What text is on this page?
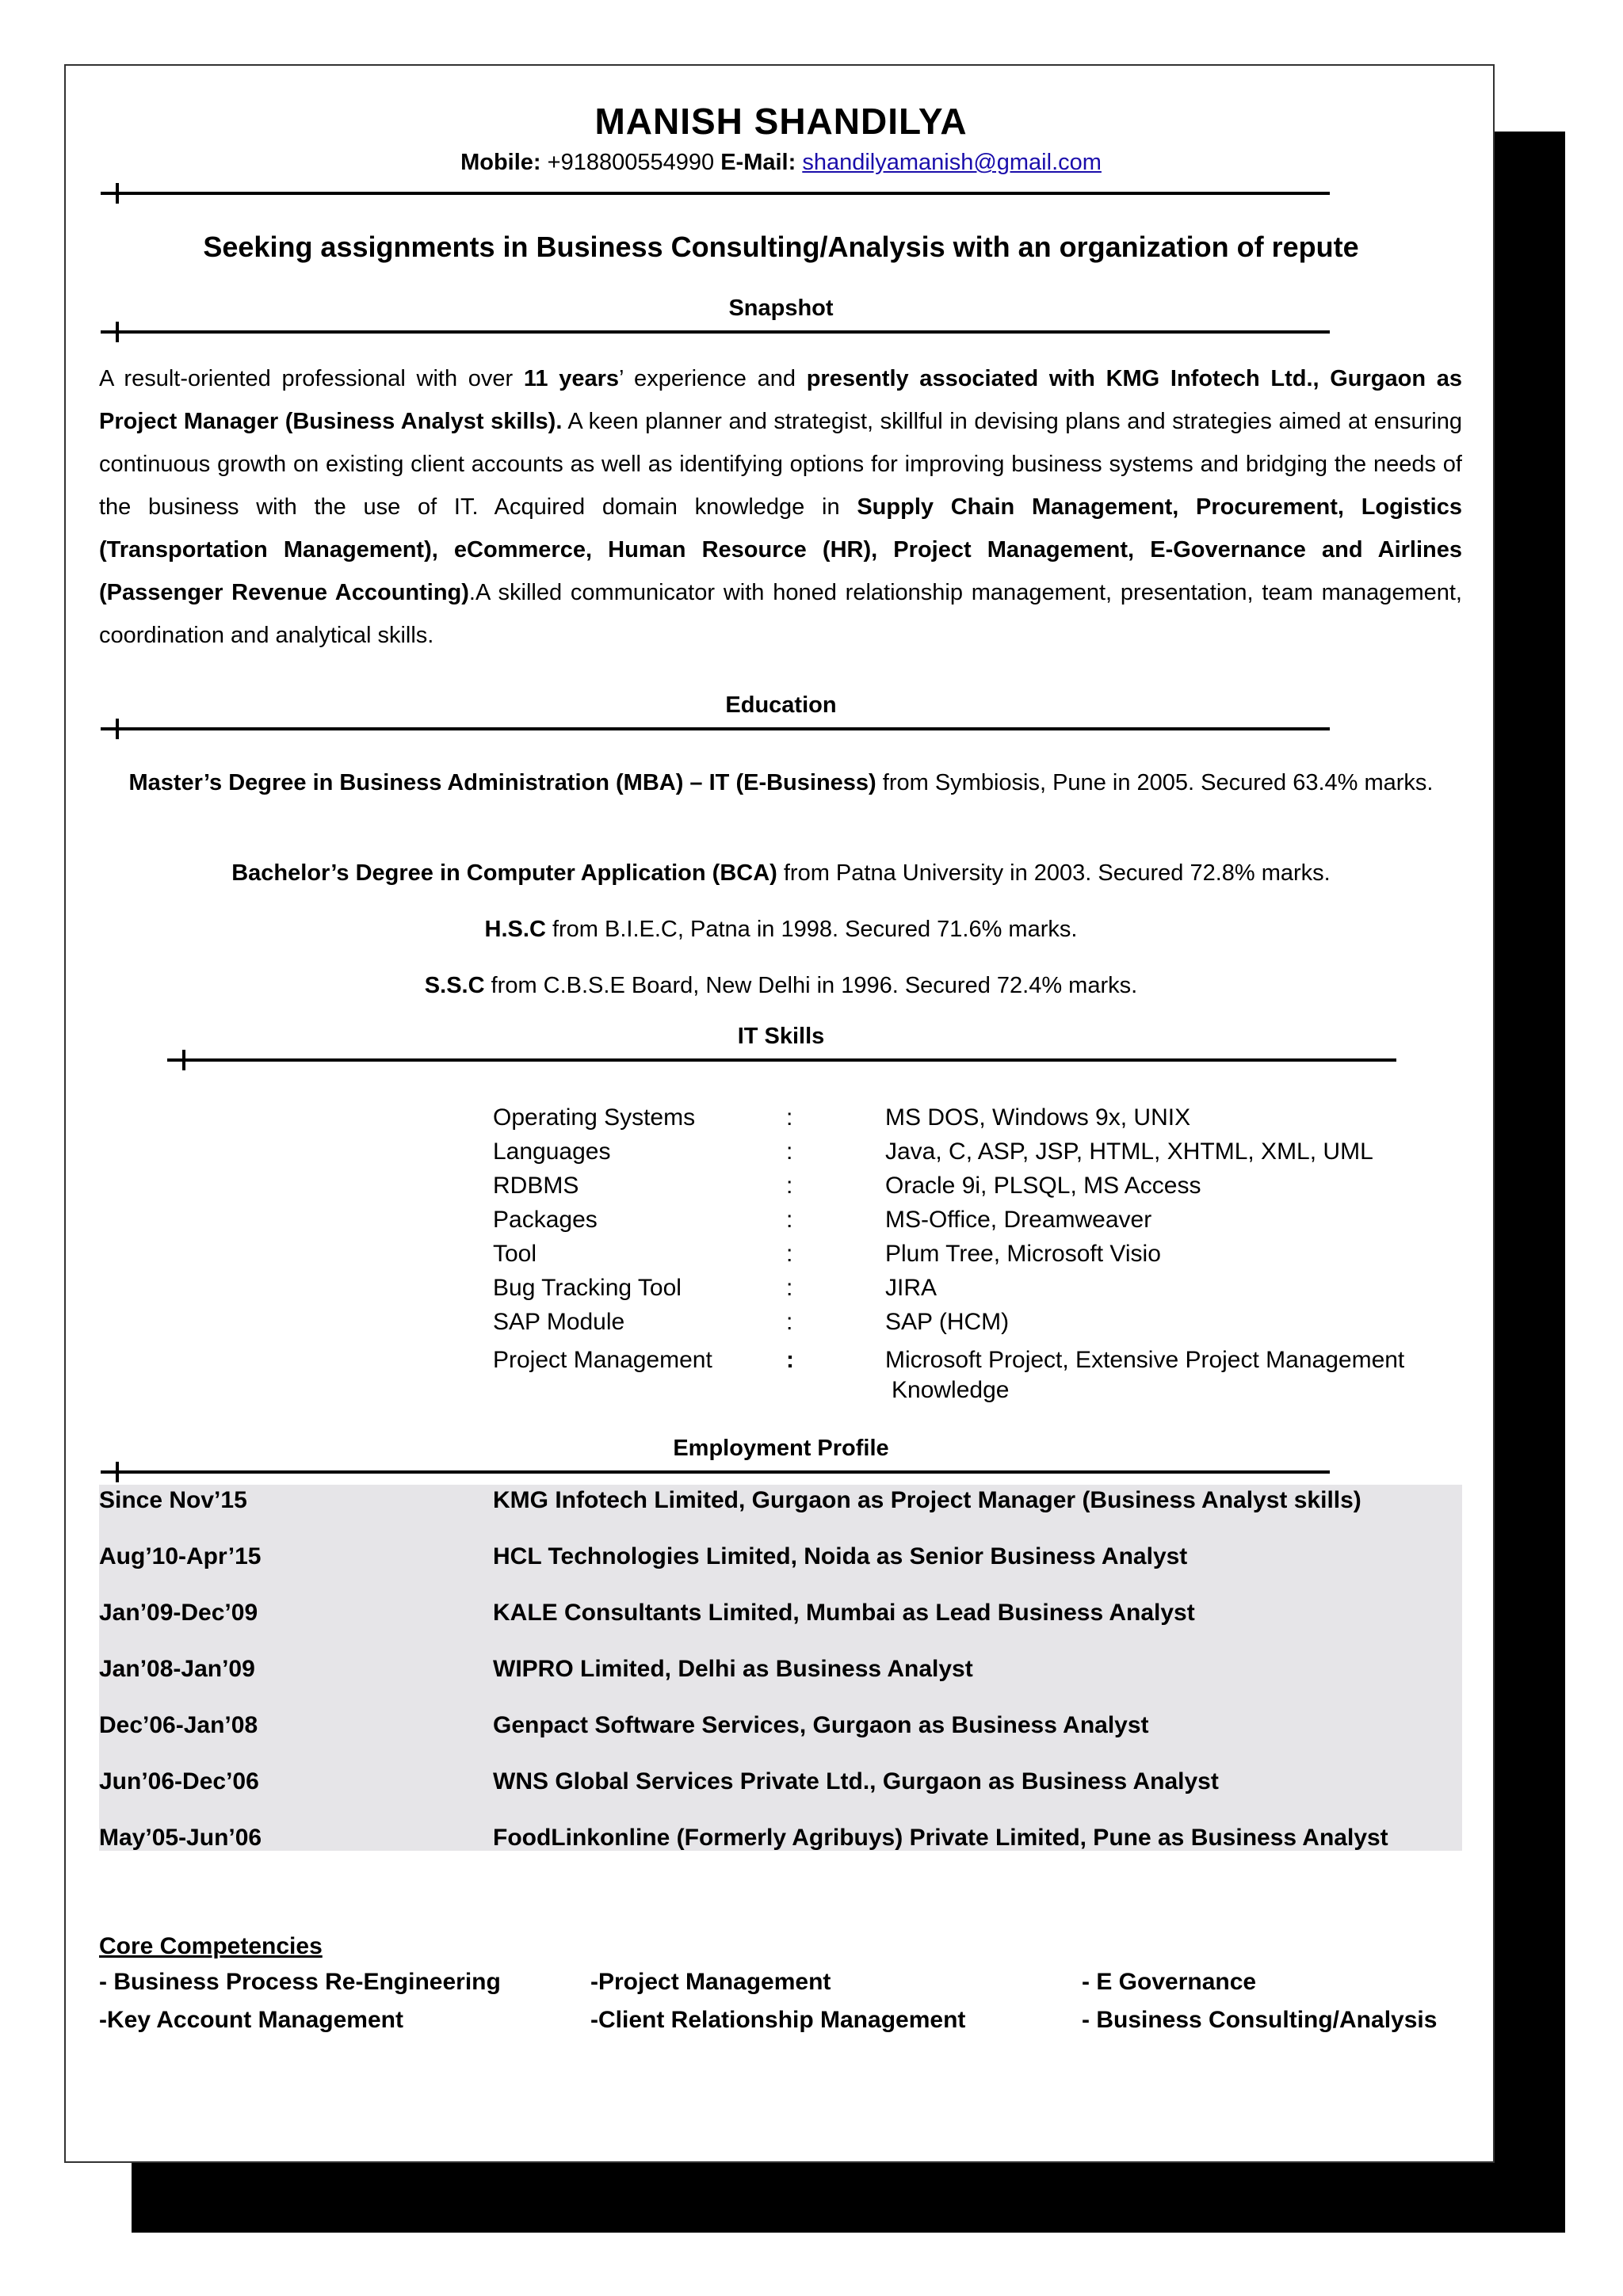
MANISH SHANDILYA
Mobile: +918800554990 E-Mail: shandilyamanish@gmail.com
Seeking assignments in Business Consulting/Analysis with an organization of repute
Snapshot
A result-oriented professional with over 11 years’ experience and presently associated with KMG Infotech Ltd., Gurgaon as Project Manager (Business Analyst skills). A keen planner and strategist, skillful in devising plans and strategies aimed at ensuring continuous growth on existing client accounts as well as identifying options for improving business systems and bridging the needs of the business with the use of IT. Acquired domain knowledge in Supply Chain Management, Procurement, Logistics (Transportation Management), eCommerce, Human Resource (HR), Project Management, E-Governance and Airlines (Passenger Revenue Accounting).A skilled communicator with honed relationship management, presentation, team management, coordination and analytical skills.
Education
Master’s Degree in Business Administration (MBA) – IT (E-Business) from Symbiosis, Pune in 2005. Secured 63.4% marks.
Bachelor’s Degree in Computer Application (BCA) from Patna University in 2003. Secured 72.8% marks.
H.S.C from B.I.E.C, Patna in 1998. Secured 71.6% marks.
S.S.C from C.B.S.E Board, New Delhi in 1996. Secured 72.4% marks.
IT Skills
Operating Systems	:	MS DOS, Windows 9x, UNIX
Languages	:	Java, C, ASP, JSP, HTML, XHTML, XML, UML
RDBMS	:	Oracle 9i, PLSQL, MS Access
Packages	:	MS-Office, Dreamweaver
Tool	:	Plum Tree, Microsoft Visio
Bug Tracking Tool	:	JIRA
SAP Module	:	SAP (HCM)
Project Management	:	Microsoft Project, Extensive Project Management
Knowledge
Employment Profile
Since Nov’15	KMG Infotech Limited, Gurgaon as Project Manager (Business Analyst skills)
Aug’10-Apr’15	HCL Technologies Limited, Noida as Senior Business Analyst
Jan’09-Dec’09	KALE Consultants Limited, Mumbai as Lead Business Analyst
Jan’08-Jan’09	WIPRO Limited, Delhi as Business Analyst
Dec’06-Jan’08	Genpact Software Services, Gurgaon as Business Analyst
Jun’06-Dec’06	WNS Global Services Private Ltd., Gurgaon as Business Analyst
May’05-Jun’06	FoodLinkonline (Formerly Agribuys) Private Limited, Pune as Business Analyst
Core Competencies
- Business Process Re-Engineering	-Project Management	- E Governance
-Key Account Management	-Client Relationship Management	- Business Consulting/Analysis
